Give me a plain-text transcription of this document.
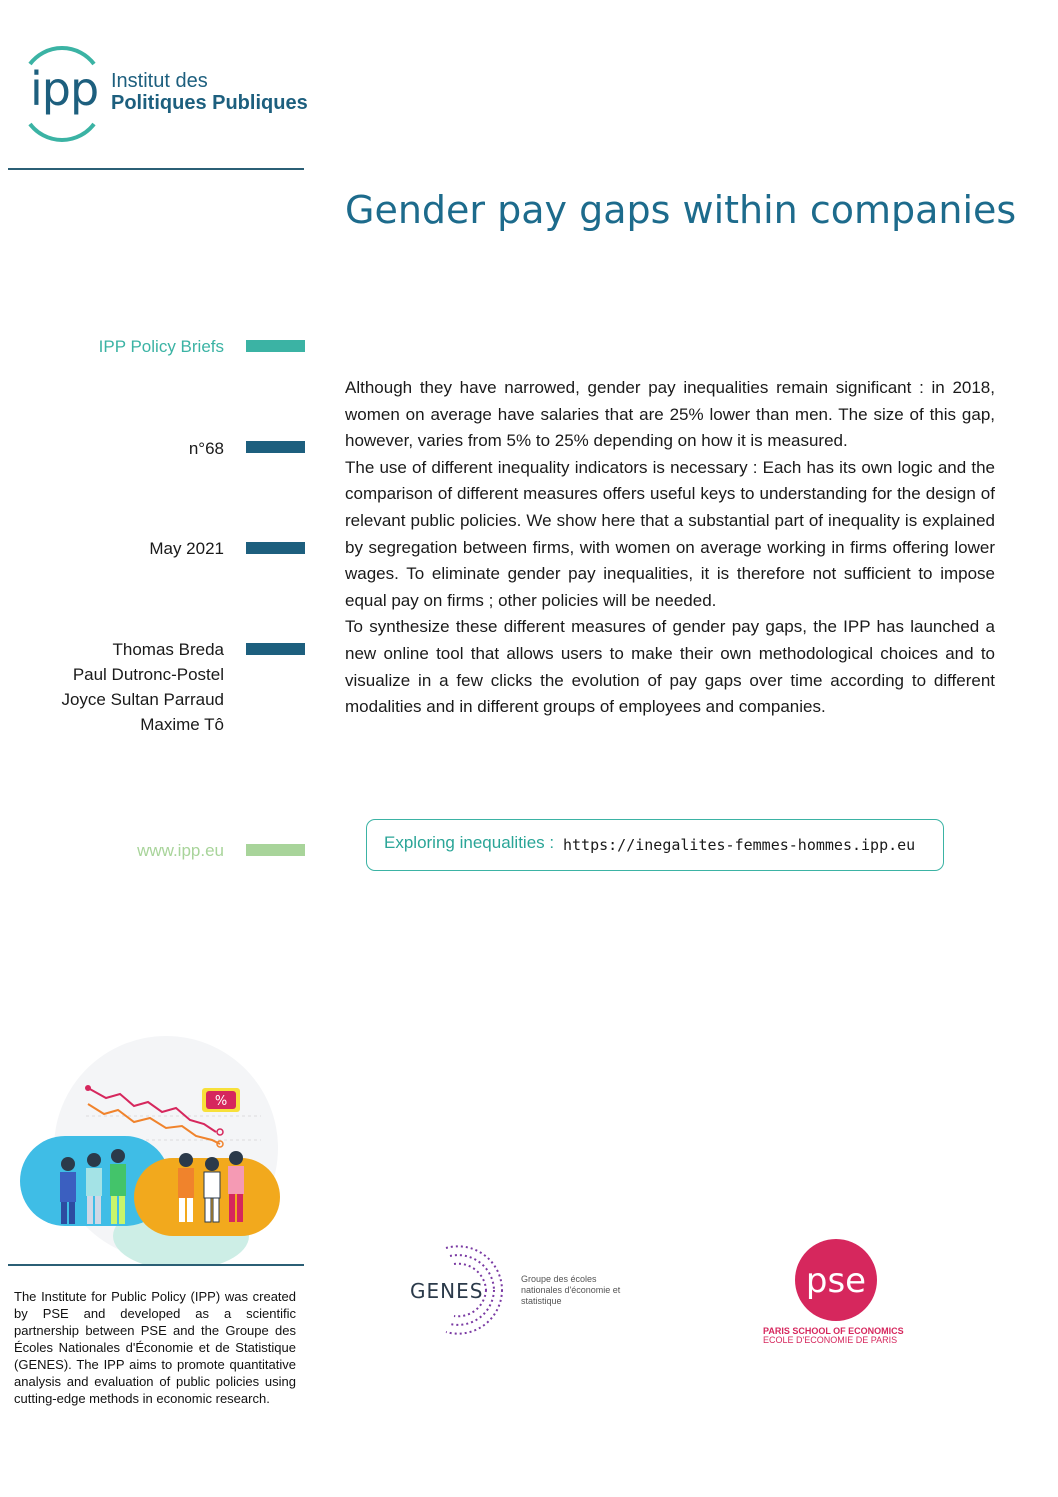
ipp Institut des
Politiques Publiques
Gender pay gaps within companies
IPP Policy Briefs
n°68
May 2021
Thomas Breda
Paul Dutronc-Postel
Joyce Sultan Parraud
Maxime Tô
www.ipp.eu

Although they have narrowed, gender pay inequalities remain significant : in 2018, women on average have salaries that are 25% lower than men. The size of this gap, however, varies from 5% to 25% depending on how it is measured.

The use of different inequality indicators is necessary : Each has its own logic and the comparison of different measures offers useful keys to understanding for the design of relevant public policies. We show here that a substantial part of inequality is explained by segregation between firms, with women on average working in firms offering lower wages. To eliminate gender pay inequalities, it is therefore not sufficient to impose equal pay on firms ; other policies will be needed.

To synthesize these different measures of gender pay gaps, the IPP has launched a new online tool that allows users to make their own methodological choices and to visualize in a few clicks the evolution of pay gaps over time according to different modalities and in different groups of employees and companies.

Exploring inequalities : https://inegalites-femmes-hommes.ipp.eu
%
The Institute for Public Policy (IPP) was created by PSE and developed as a scientific partnership between PSE and the Groupe des Écoles Nationales d'Économie et de Statistique (GENES). The IPP aims to promote quantitative analysis and evaluation of public policies using cutting-edge methods in economic research.
GENES	Groupe des écoles nationales d'économie et statistique	pse
PARIS SCHOOL OF ECONOMICS
ECOLE D'ECONOMIE DE PARIS
